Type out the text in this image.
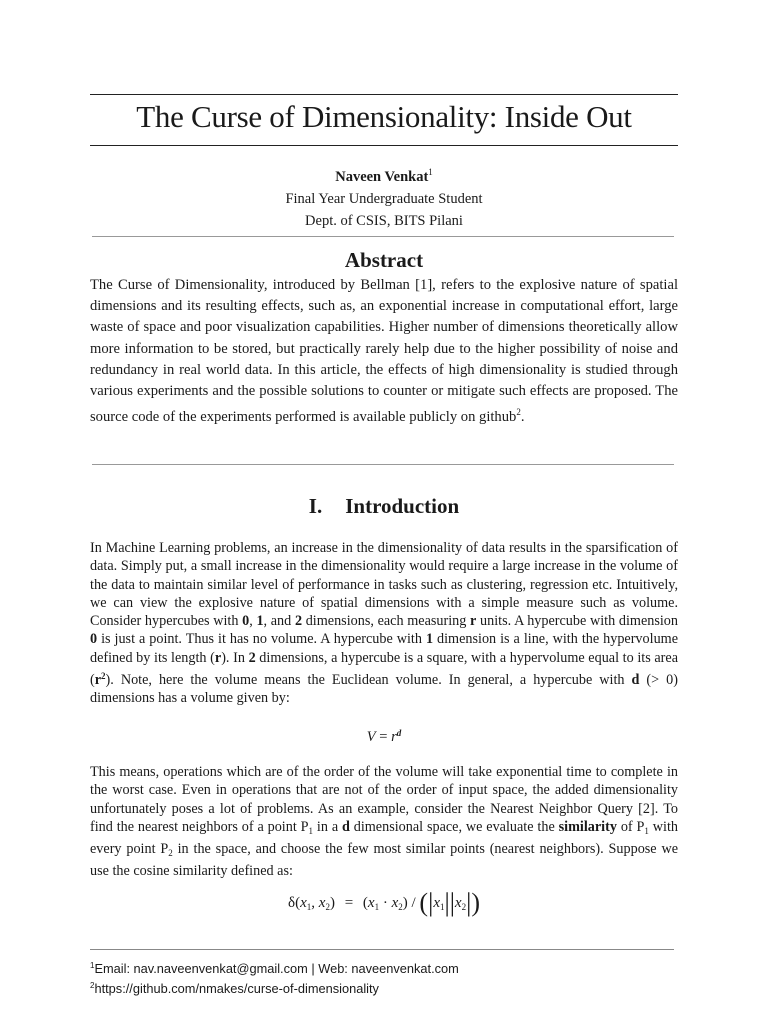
The Curse of Dimensionality: Inside Out
Naveen Venkat$^1$
Final Year Undergraduate Student
Dept. of CSIS, BITS Pilani
Abstract

The Curse of Dimensionality, introduced by Bellman [1], refers to the explosive nature of spatial dimensions and its resulting effects, such as, an exponential increase in computational effort, large waste of space and poor visualization capabilities. Higher number of dimensions theoretically allow more information to be stored, but practically rarely help due to the higher possibility of noise and redundancy in real world data. In this article, the effects of high dimensionality is studied through various experiments and the possible solutions to counter or mitigate such effects are proposed. The source code of the experiments performed is available publicly on github$^2$.

I. Introduction

In Machine Learning problems, an increase in the dimensionality of data results in the sparsification of data. Simply put, a small increase in the dimensionality would require a large increase in the volume of the data to maintain similar level of performance in tasks such as clustering, regression etc. Intuitively, we can view the explosive nature of spatial dimensions with a simple measure such as volume. Consider hypercubes with 0, 1, and 2 dimensions, each measuring r units. A hypercube with dimension 0 is just a point. Thus it has no volume. A hypercube with 1 dimension is a line, with the hypervolume defined by its length (r). In 2 dimensions, a hypercube is a square, with a hypervolume equal to its area $(r^2)$. Note, here the volume means the Euclidean volume. In general, a hypercube with d (> 0) dimensions has a volume given by:

$V = r^d$

This means, operations which are of the order of the volume will take exponential time to complete in the worst case. Even in operations that are not of the order of input space, the added dimensionality unfortunately poses a lot of problems. As an example, consider the Nearest Neighbor Query [2]. To find the nearest neighbors of a point $P_1$ in a d dimensional space, we evaluate the similarity of $P_1$ with every point $P_2$ in the space, and choose the few most similar points (nearest neighbors). Suppose we use the cosine similarity defined as:

$\delta(x_1$, $x_2) = (x_1 \cdot x_2) / (|x_1||x_2|)$

$^1$Email: nav.naveenvenkat@gmail.com | Web: naveenvenkat.com

$^2$https://github.com/nmakes/curse-of-dimensionality
